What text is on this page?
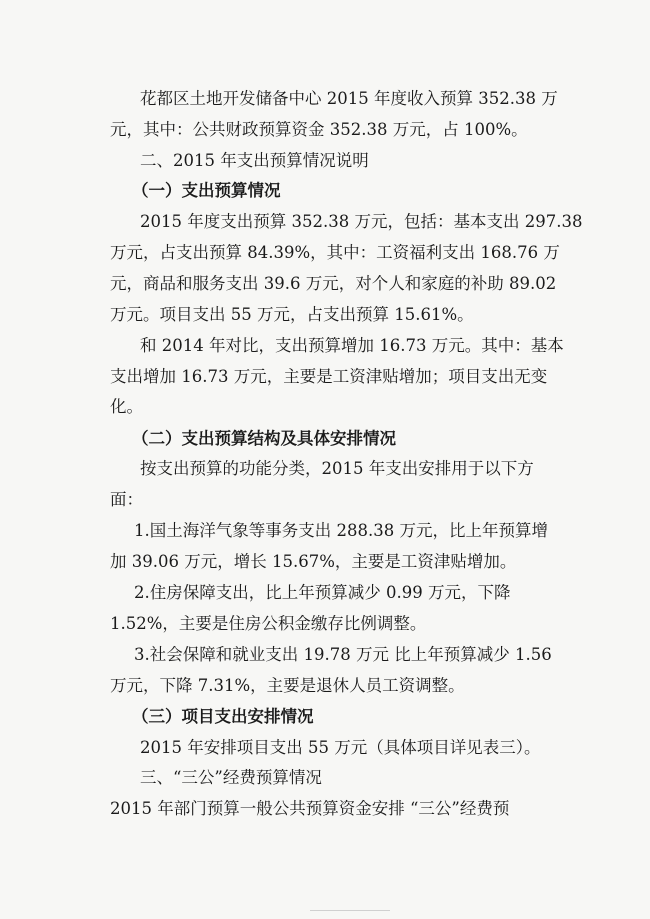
花都区土地开发储备中心 2015 年度收入预算 352.38 万
元，其中：公共财政预算资金 352.38 万元，占 100%。
二、2015 年支出预算情况说明
（一）支出预算情况
2015 年度支出预算 352.38 万元，包括：基本支出 297.38
万元，占支出预算 84.39%，其中：工资福利支出 168.76 万
元，商品和服务支出 39.6 万元，对个人和家庭的补助 89.02
万元。项目支出 55 万元，占支出预算 15.61%。
和 2014 年对比，支出预算增加 16.73 万元。其中：基本
支出增加 16.73 万元，主要是工资津贴增加；项目支出无变
化。
（二）支出预算结构及具体安排情况
按支出预算的功能分类，2015 年支出安排用于以下方
面：
1.国土海洋气象等事务支出 288.38 万元，比上年预算增
加 39.06 万元，增长 15.67%，主要是工资津贴增加。
2.住房保障支出，比上年预算减少 0.99 万元，下降
1.52%，主要是住房公积金缴存比例调整。
3.社会保障和就业支出 19.78 万元 比上年预算减少 1.56
万元，下降 7.31%，主要是退休人员工资调整。
（三）项目支出安排情况
2015 年安排项目支出 55 万元（具体项目详见表三）。
三、“三公”经费预算情况
2015 年部门预算一般公共预算资金安排 “三公”经费预
